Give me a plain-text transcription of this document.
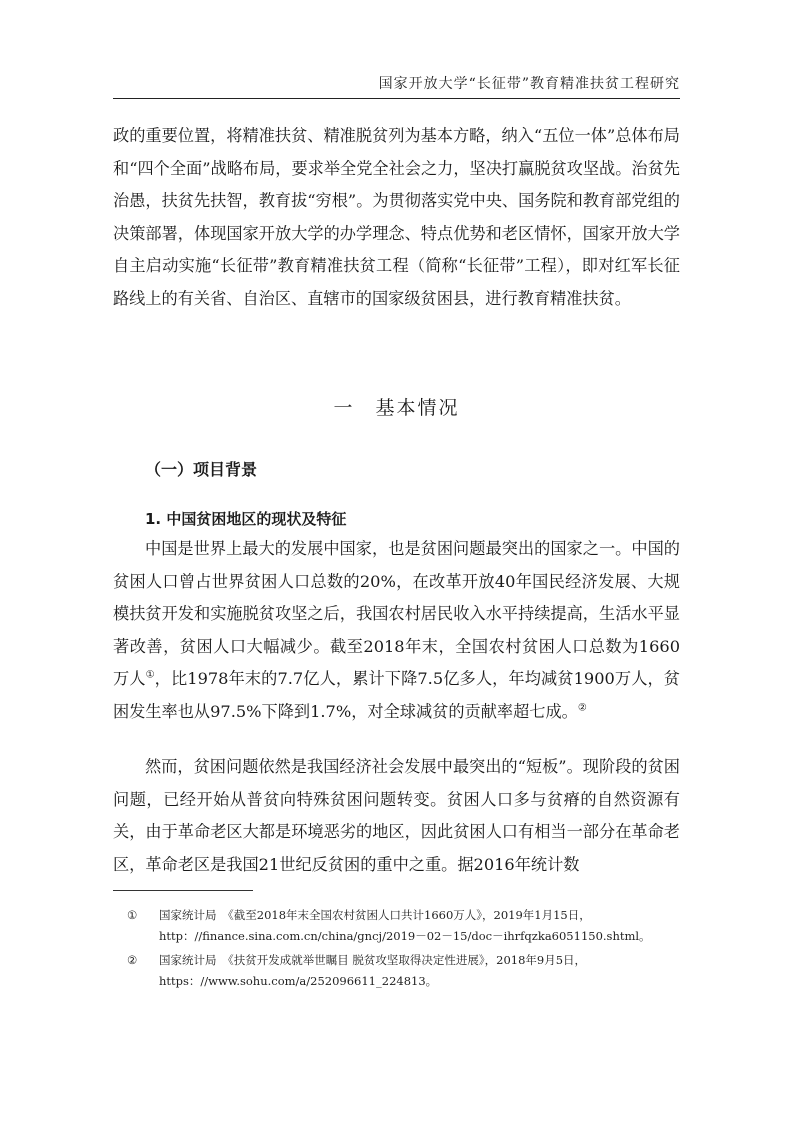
国家开放大学“长征带”教育精准扶贫工程研究

政的重要位置，将精准扶贫、精准脱贫列为基本方略，纳入“五位一体”总体布局和“四个全面”战略布局，要求举全党全社会之力，坚决打赢脱贫攻坚战。治贫先治愚，扶贫先扶智，教育拔“穷根”。为贯彻落实党中央、国务院和教育部党组的决策部署，体现国家开放大学的办学理念、特点优势和老区情怀，国家开放大学自主启动实施“长征带”教育精准扶贫工程（简称“长征带”工程），即对红军长征路线上的有关省、自治区、直辖市的国家级贫困县，进行教育精准扶贫。

一　基本情况
（一）项目背景
1. 中国贫困地区的现状及特征

中国是世界上最大的发展中国家，也是贫困问题最突出的国家之一。中国的贫困人口曾占世界贫困人口总数的20%，在改革开放40年国民经济发展、大规模扶贫开发和实施脱贫攻坚之后，我国农村居民收入水平持续提高，生活水平显著改善，贫困人口大幅减少。截至2018年末，全国农村贫困人口总数为1660万人①，比1978年末的7.7亿人，累计下降7.5亿多人，年均减贫1900万人，贫困发生率也从97.5%下降到1.7%，对全球减贫的贡献率超七成。②

然而，贫困问题依然是我国经济社会发展中最突出的“短板”。现阶段的贫困问题，已经开始从普贫向特殊贫困问题转变。贫困人口多与贫瘠的自然资源有关，由于革命老区大都是环境恶劣的地区，因此贫困人口有相当一部分在革命老区，革命老区是我国21世纪反贫困的重中之重。据2016年统计数

① 国家统计局　《截至2018年末全国农村贫困人口共计1660万人》，2019年1月15日，
http：//finance.sina.com.cn/china/gncj/2019－02－15/doc－ihrfqzka6051150.shtml。
② 国家统计局　《扶贫开发成就举世瞩目 脱贫攻坚取得决定性进展》，2018年9月5日，
https：//www.sohu.com/a/252096611_224813。
